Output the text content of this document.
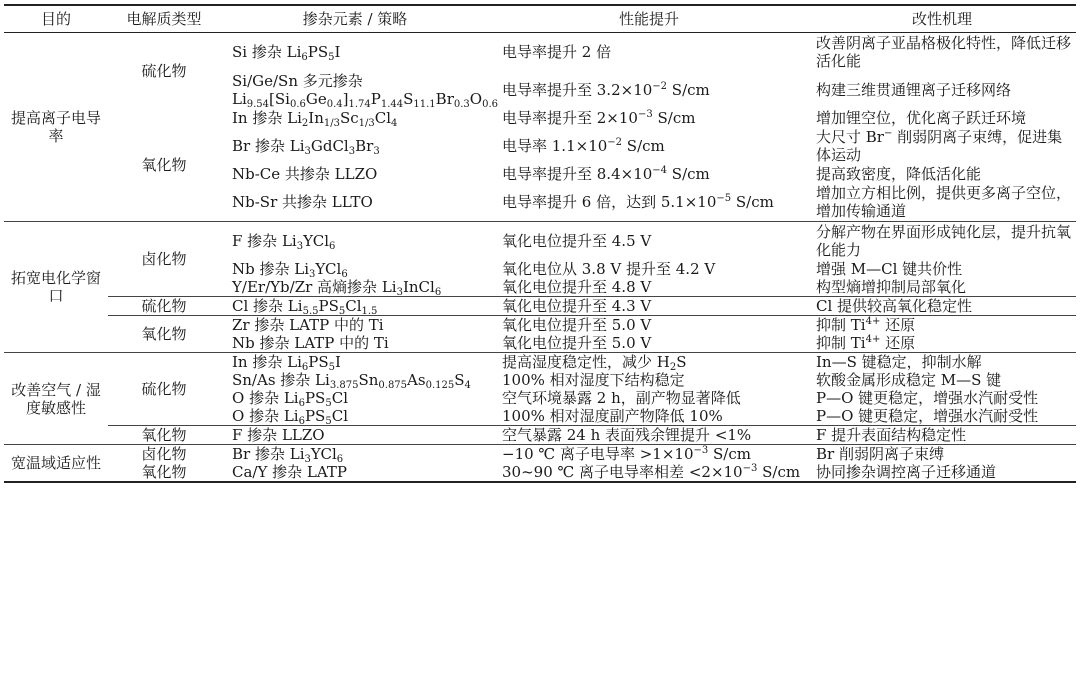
目的	电解质类型	掺杂元素 / 策略	性能提升	改性机理
提高离子电导率	硫化物	Si 掺杂 $Li_6PS_5I$	电导率提升 2 倍	改善阴离子亚晶格极化特性，降低迁移活化能
		Si/Ge/Sn 多元掺杂 $Li_{9.54}[Si_{0.6}Ge_{0.4}]_{1.74}P_{1.44}S_{11.1}Br_{0.3}O_{0.6}$	电导率提升至 $3.2\times 10^{-2}$ S/cm	构建三维贯通锂离子迁移网络
	氧化物	In 掺杂 $Li_2In_{1/3}Sc_{1/3}Cl_4$	电导率提升至 $2\times 10^{-3}$ S/cm	增加锂空位，优化离子跃迁环境
		Br 掺杂 $Li_3GdCl_3Br_3$	电导率 $1.1\times 10^{-2}$ S/cm	大尺寸 Br− 削弱阴离子束缚，促进集体运动
		Nb-Ce 共掺杂 LLZO	电导率提升至 $8.4\times 10^{-4}$ S/cm	提高致密度，降低活化能
		Nb-Sr 共掺杂 LLTO	电导率提升 6 倍，达到 $5.1\times 10^{-5}$ S/cm	增加立方相比例，提供更多离子空位，增加传输通道
拓宽电化学窗口	卤化物	F 掺杂 $Li_3YCl_6$	氧化电位提升至 4.5 V	分解产物在界面形成钝化层，提升抗氧化能力
		Nb 掺杂 $Li_3YCl_6$	氧化电位从 3.8 V 提升至 4.2 V	增强 M—Cl 键共价性
		Y/Er/Yb/Zr 高熵掺杂 $Li_3InCl_6$	氧化电位提升至 4.8 V	构型熵增抑制局部氧化
	硫化物	Cl 掺杂 $Li_{5.5}PS_5Cl_{1.5}$	氧化电位提升至 4.3 V	Cl 提供较高氧化稳定性
	氧化物	Zr 掺杂 LATP 中的 Ti	氧化电位提升至 5.0 V	抑制 $Ti^{4+}$ 还原
		Nb 掺杂 LATP 中的 Ti	氧化电位提升至 5.0 V	抑制 $Ti^{4+}$ 还原
改善空气 / 湿度敏感性	硫化物	In 掺杂 $Li_6PS_5I$	提高湿度稳定性，减少 $H_2S$	In—S 键稳定，抑制水解
		Sn/As 掺杂 $Li_{3.875}Sn_{0.875}As_{0.125}S_4$	100% 相对湿度下结构稳定	软酸金属形成稳定 M—S 键
		O 掺杂 $Li_6PS_5Cl$	空气环境暴露 2 h，副产物显著降低	P—O 键更稳定，增强水汽耐受性
		O 掺杂 $Li_6PS_5Cl$	100% 相对湿度副产物降低 10%	P—O 键更稳定，增强水汽耐受性
	氧化物	F 掺杂 LLZO	空气暴露 24 h 表面残余锂提升 <1%	F 提升表面结构稳定性
宽温域适应性	卤化物	Br 掺杂 $Li_3YCl_6$	−10 ℃ 离子电导率 $>1\times 10^{-3}$ S/cm	Br 削弱阴离子束缚
	氧化物	Ca/Y 掺杂 LATP	30~90 ℃ 离子电导率相差 $<2\times 10^{-3}$ S/cm	协同掺杂调控离子迁移通道
